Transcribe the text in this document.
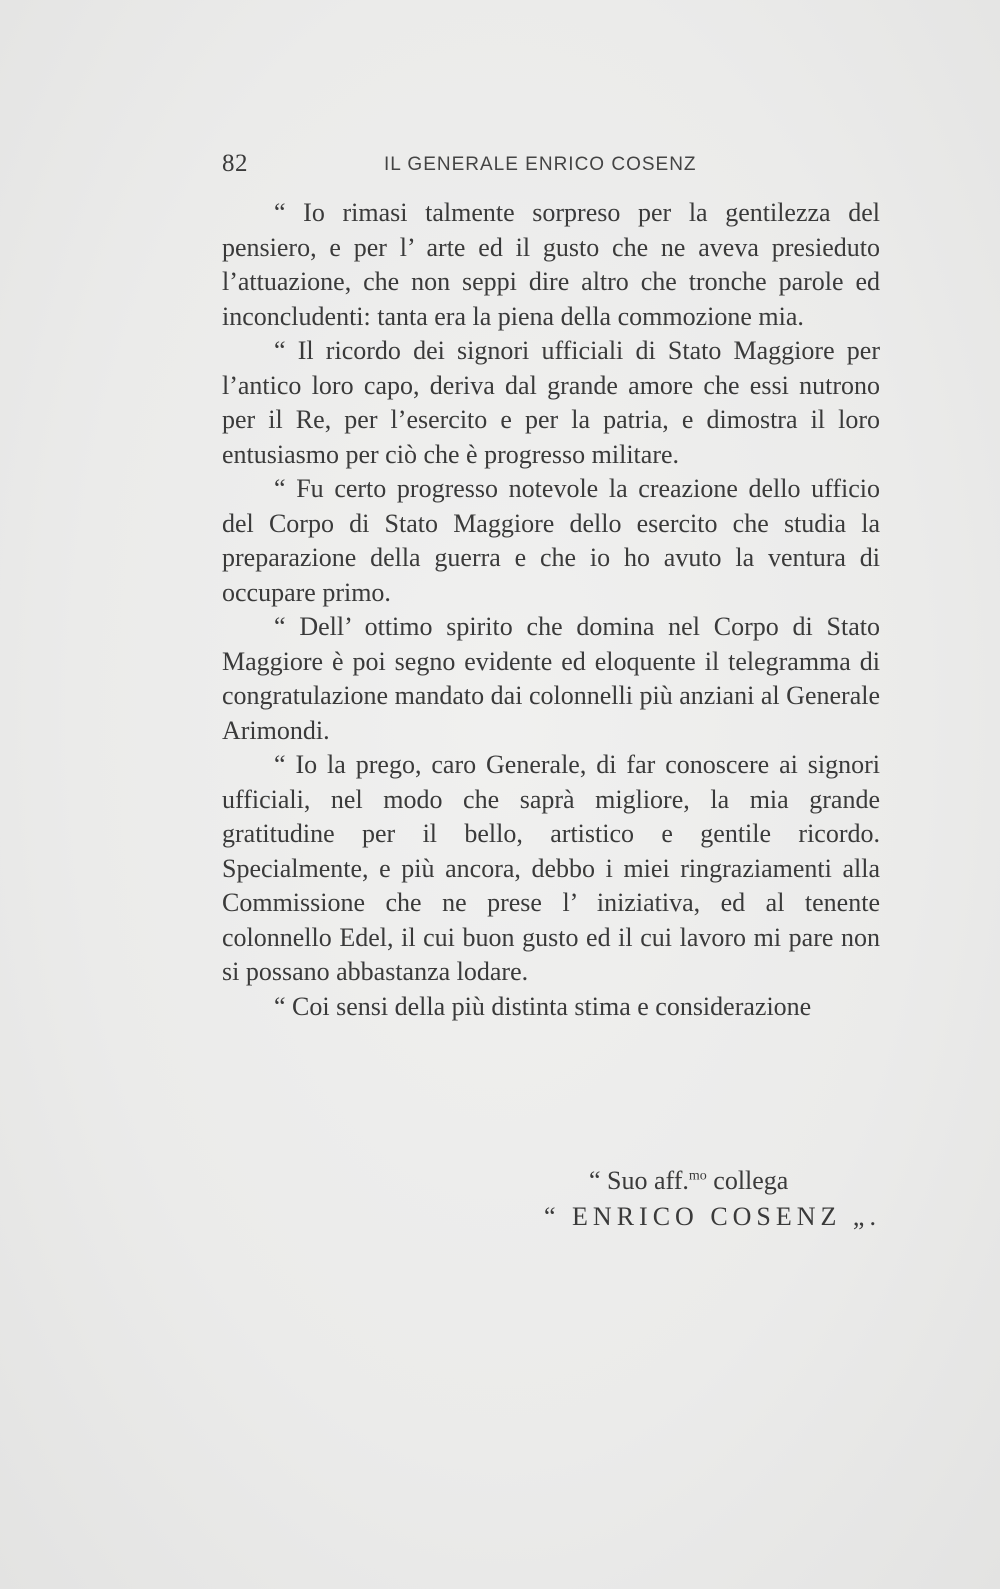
82	IL GENERALE ENRICO COSENZ

“ Io rimasi talmente sorpreso per la gentilezza del pensiero, e per l’ arte ed il gusto che ne aveva presieduto l’attuazione, che non seppi dire altro che tronche parole ed inconcludenti: tanta era la piena della commozione mia.

“ Il ricordo dei signori ufficiali di Stato Maggiore per l’antico loro capo, deriva dal grande amore che essi nutrono per il Re, per l’esercito e per la patria, e dimostra il loro entusiasmo per ciò che è progresso militare.

“ Fu certo progresso notevole la creazione dello ufficio del Corpo di Stato Maggiore dello esercito che studia la preparazione della guerra e che io ho avuto la ventura di occupare primo.

“ Dell’ ottimo spirito che domina nel Corpo di Stato Maggiore è poi segno evidente ed eloquente il telegramma di congratulazione mandato dai colonnelli più anziani al Generale Arimondi.

“ Io la prego, caro Generale, di far conoscere ai signori ufficiali, nel modo che saprà migliore, la mia grande gratitudine per il bello, artistico e gentile ricordo. Specialmente, e più ancora, debbo i miei ringraziamenti alla Commissione che ne prese l’ iniziativa, ed al tenente colonnello Edel, il cui buon gusto ed il cui lavoro mi pare non si possano abbastanza lodare.

“ Coi sensi della più distinta stima e considerazione

“ Suo aff.$^{mo}$ collega
“ ENRICO COSENZ „.
